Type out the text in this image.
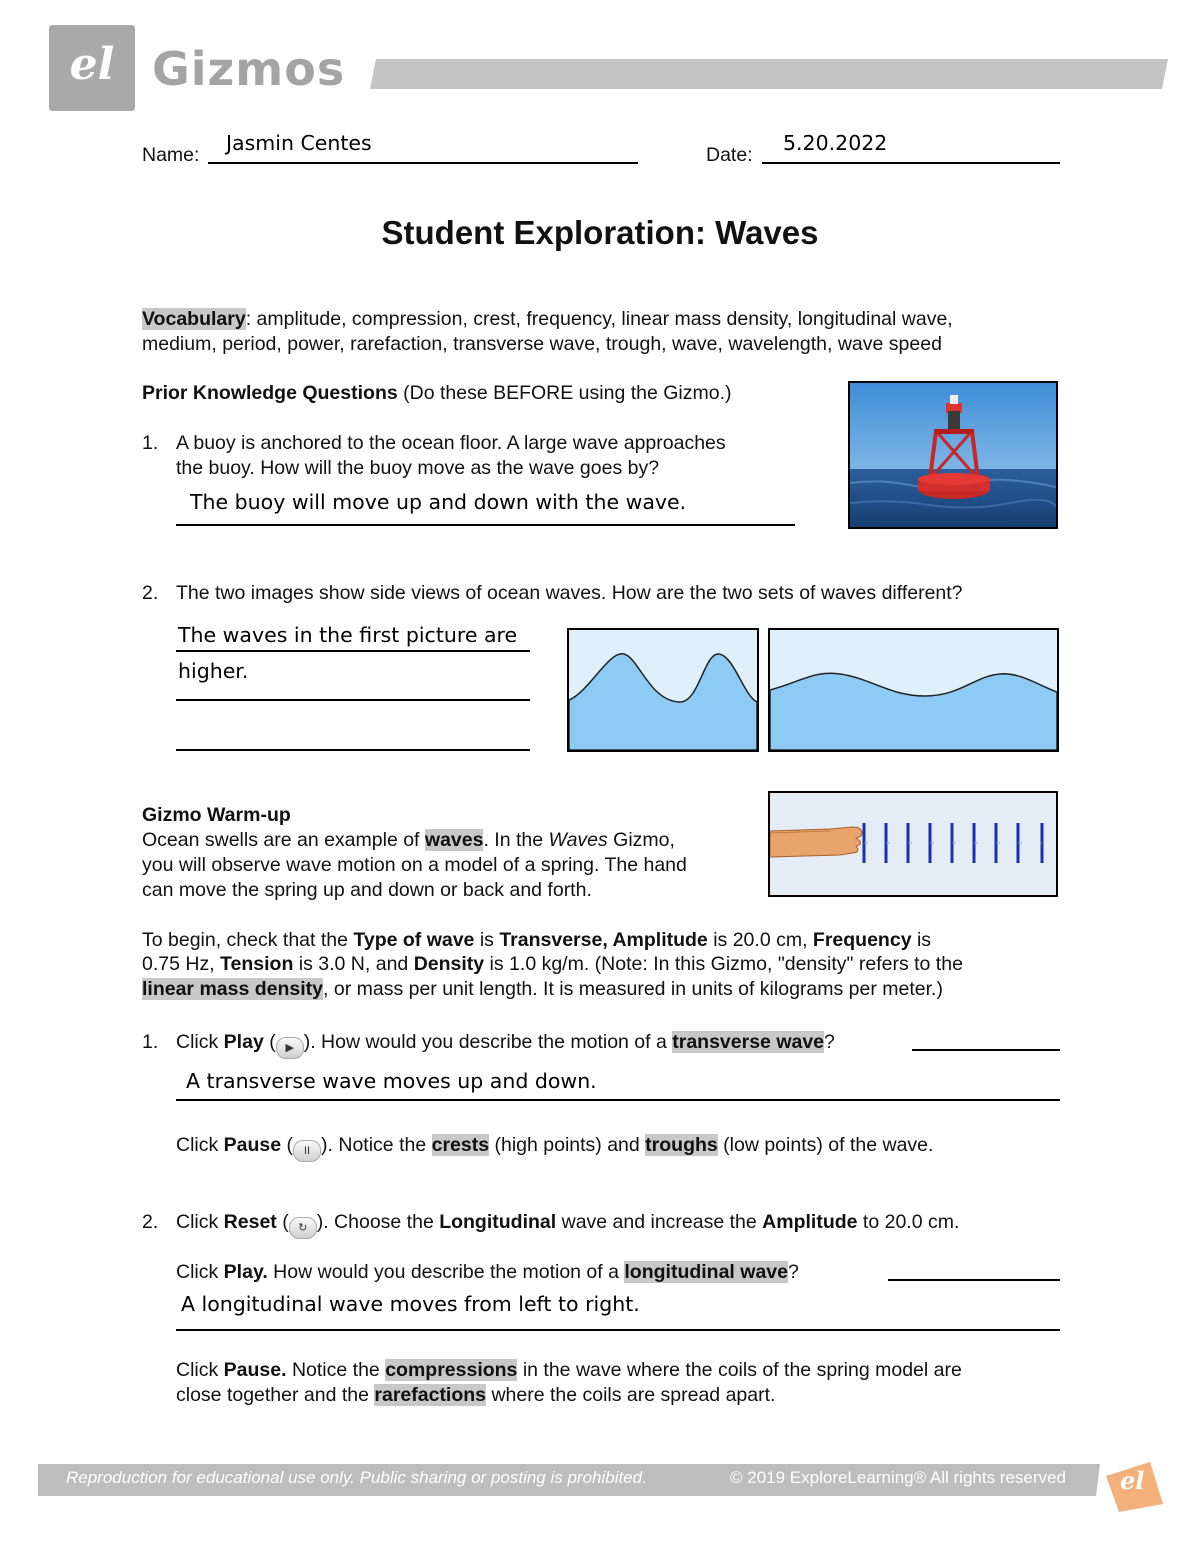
el Gizmos
Name: Jasmin Centes	Date: 5.20.2022
Student Exploration: Waves
Vocabulary: amplitude, compression, crest, frequency, linear mass density, longitudinal wave,
medium, period, power, rarefaction, transverse wave, trough, wave, wavelength, wave speed
Prior Knowledge Questions (Do these BEFORE using the Gizmo.)
1. A buoy is anchored to the ocean floor. A large wave approaches
the buoy. How will the buoy move as the wave goes by?
The buoy will move up and down with the wave.
2. The two images show side views of ocean waves. How are the two sets of waves different?
The waves in the first picture are
higher.
Gizmo Warm-up
Ocean swells are an example of waves. In the Waves Gizmo,
you will observe wave motion on a model of a spring. The hand
can move the spring up and down or back and forth.
To begin, check that the Type of wave is Transverse, Amplitude is 20.0 cm, Frequency is
0.75 Hz, Tension is 3.0 N, and Density is 1.0 kg/m. (Note: In this Gizmo, "density" refers to the
linear mass density, or mass per unit length. It is measured in units of kilograms per meter.)
1. Click Play ( ▶ ). How would you describe the motion of a transverse wave?
A transverse wave moves up and down.
Click Pause ( II ). Notice the crests (high points) and troughs (low points) of the wave.
2. Click Reset ( ↻ ). Choose the Longitudinal wave and increase the Amplitude to 20.0 cm.
Click Play. How would you describe the motion of a longitudinal wave?
A longitudinal wave moves from left to right.
Click Pause. Notice the compressions in the wave where the coils of the spring model are
close together and the rarefactions where the coils are spread apart.
Reproduction for educational use only. Public sharing or posting is prohibited.	© 2019 ExploreLearning® All rights reserved el
